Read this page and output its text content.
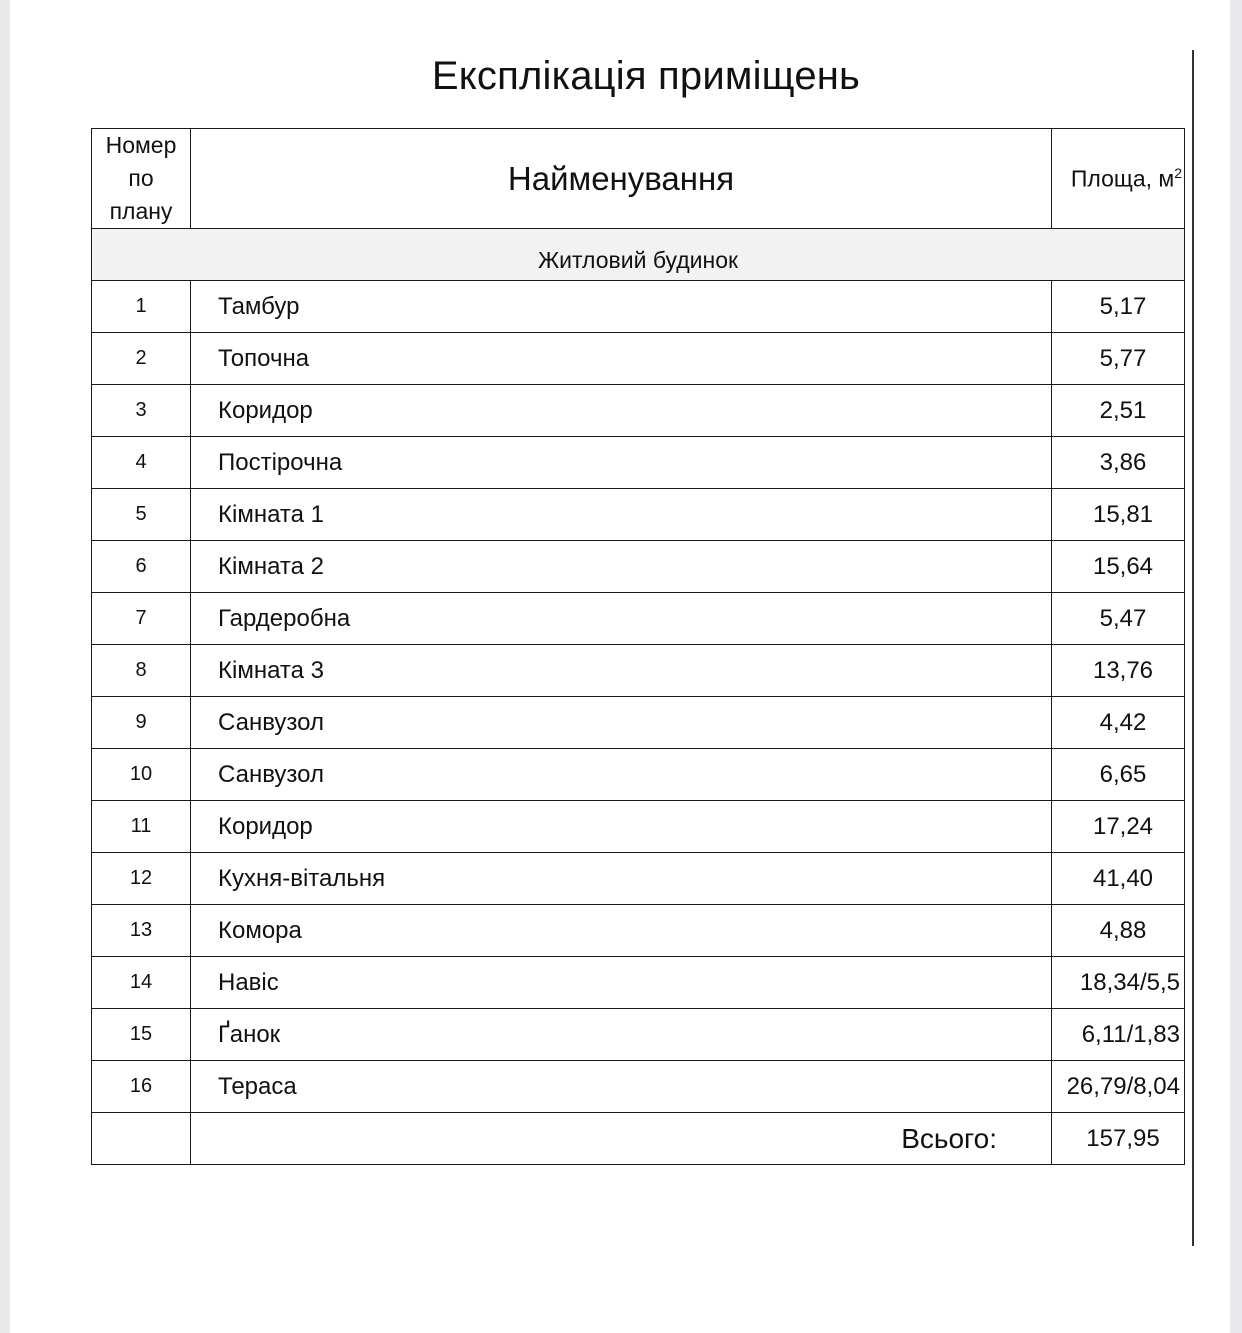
Експлікація приміщень
Номер
по
плану	Найменування	Площа, $м^2$
Житловий будинок		
1	Тамбур	5,17
2	Топочна	5,77
3	Коридор	2,51
4	Постірочна	3,86
5	Кімната 1	15,81
6	Кімната 2	15,64
7	Гардеробна	5,47
8	Кімната 3	13,76
9	Санвузол	4,42
10	Санвузол	6,65
11	Коридор	17,24
12	Кухня-вітальня	41,40
13	Комора	4,88
14	Навіс	18,34/5,5
15	Ґанок	6,11/1,83
16	Тераса	26,79/8,04
	Всього:	157,95
